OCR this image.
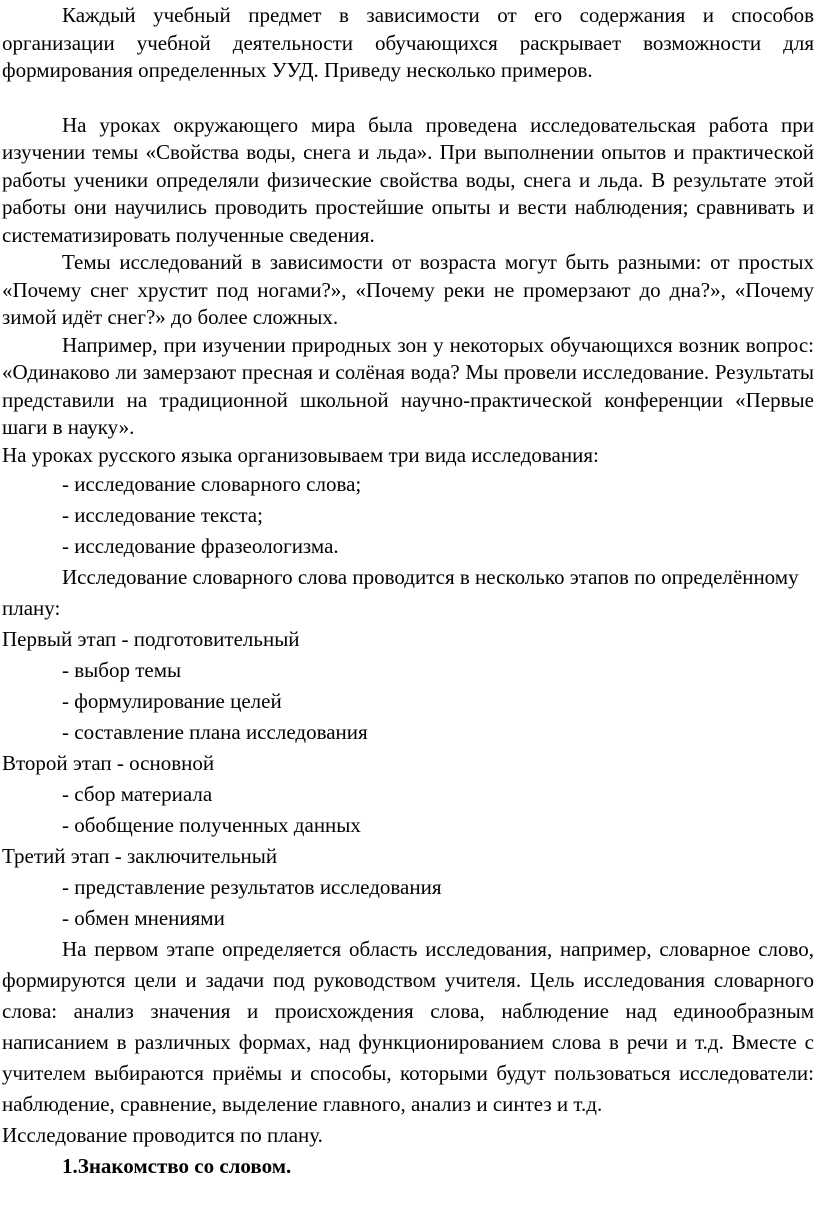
Каждый учебный предмет в зависимости от его содержания и способов организации учебной деятельности обучающихся раскрывает возможности для формирования определенных УУД. Приведу несколько примеров.

На уроках окружающего мира была проведена исследовательская работа при изучении темы «Свойства воды, снега и льда». При выполнении опытов и практической работы ученики определяли физические свойства воды, снега и льда. В результате этой работы они научились проводить простейшие опыты и вести наблюдения; сравнивать и систематизировать полученные сведения.

Темы исследований в зависимости от возраста могут быть разными: от простых «Почему снег хрустит под ногами?», «Почему реки не промерзают до дна?», «Почему зимой идёт снег?» до более сложных.

Например, при изучении природных зон у некоторых обучающихся возник вопрос: «Одинаково ли замерзают пресная и солёная вода? Мы провели исследование. Результаты представили на традиционной школьной научно-практической конференции «Первые шаги в науку».

На уроках русского языка организовываем три вида исследования:

- исследование словарного слова;

- исследование текста;

- исследование фразеологизма.

Исследование словарного слова проводится в несколько этапов по определённому плану:

Первый этап - подготовительный

- выбор темы

- формулирование целей

- составление плана исследования

Второй этап - основной

- сбор материала

- обобщение полученных данных

Третий этап - заключительный

- представление результатов исследования

- обмен мнениями

На первом этапе определяется область исследования, например, словарное слово, формируются цели и задачи под руководством учителя. Цель исследования словарного слова: анализ значения и происхождения слова, наблюдение над единообразным написанием в различных формах, над функционированием слова в речи и т.д. Вместе с учителем выбираются приёмы и способы, которыми будут пользоваться исследователи: наблюдение, сравнение, выделение главного, анализ и синтез и т.д.

Исследование проводится по плану.

1.Знакомство со словом.
